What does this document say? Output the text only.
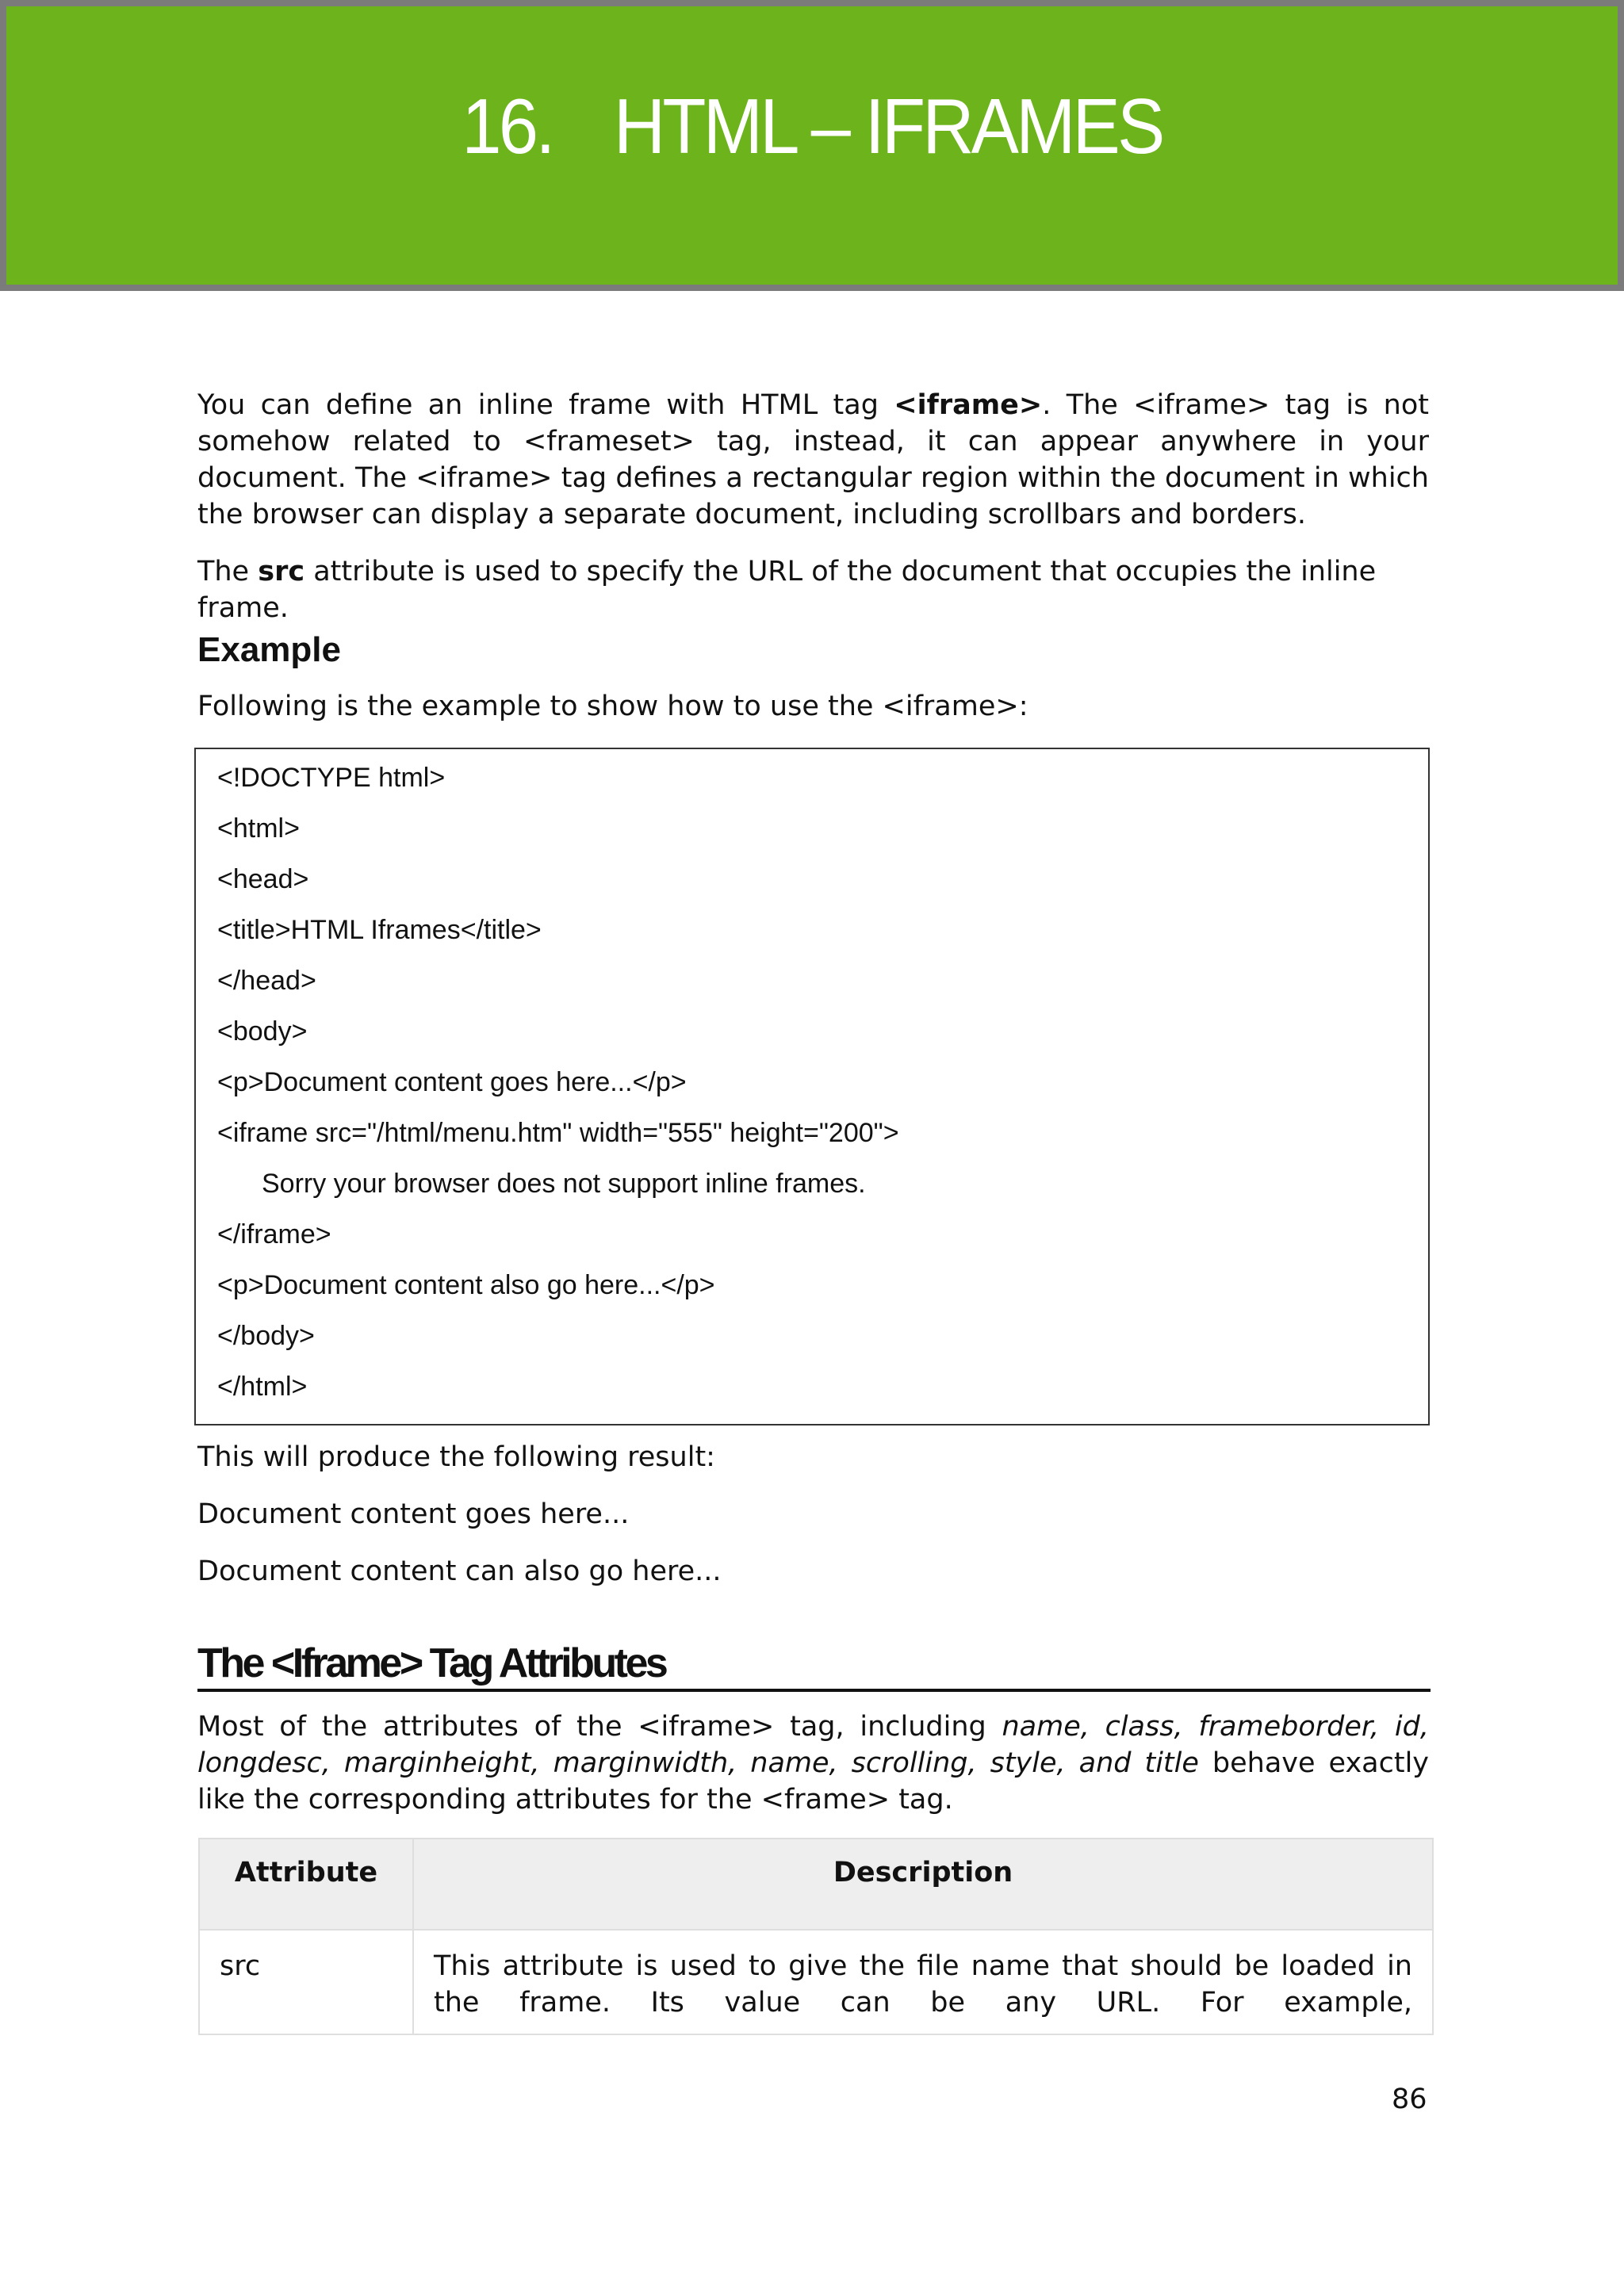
16. HTML – IFRAMES

You can define an inline frame with HTML tag <iframe>. The <iframe> tag is not somehow related to <frameset> tag, instead, it can appear anywhere in your document. The <iframe> tag defines a rectangular region within the document in which the browser can display a separate document, including scrollbars and borders.

The src attribute is used to specify the URL of the document that occupies the inline frame.

Example

Following is the example to show how to use the <iframe>:

<!DOCTYPE html>
<html>
<head>
<title>HTML Iframes</title>
</head>
<body>
<p>Document content goes here...</p>
<iframe src="/html/menu.htm" width="555" height="200">
Sorry your browser does not support inline frames.
</iframe>
<p>Document content also go here...</p>
</body>
</html>

This will produce the following result:

Document content goes here...

Document content can also go here...

The <Iframe> Tag Attributes

Most of the attributes of the <iframe> tag, including name, class, frameborder, id, longdesc, marginheight, marginwidth, name, scrolling, style, and title behave exactly like the corresponding attributes for the <frame> tag.

Attribute	Description
src	This attribute is used to give the file name that should be loaded in the frame. Its value can be any URL. For example,
86
